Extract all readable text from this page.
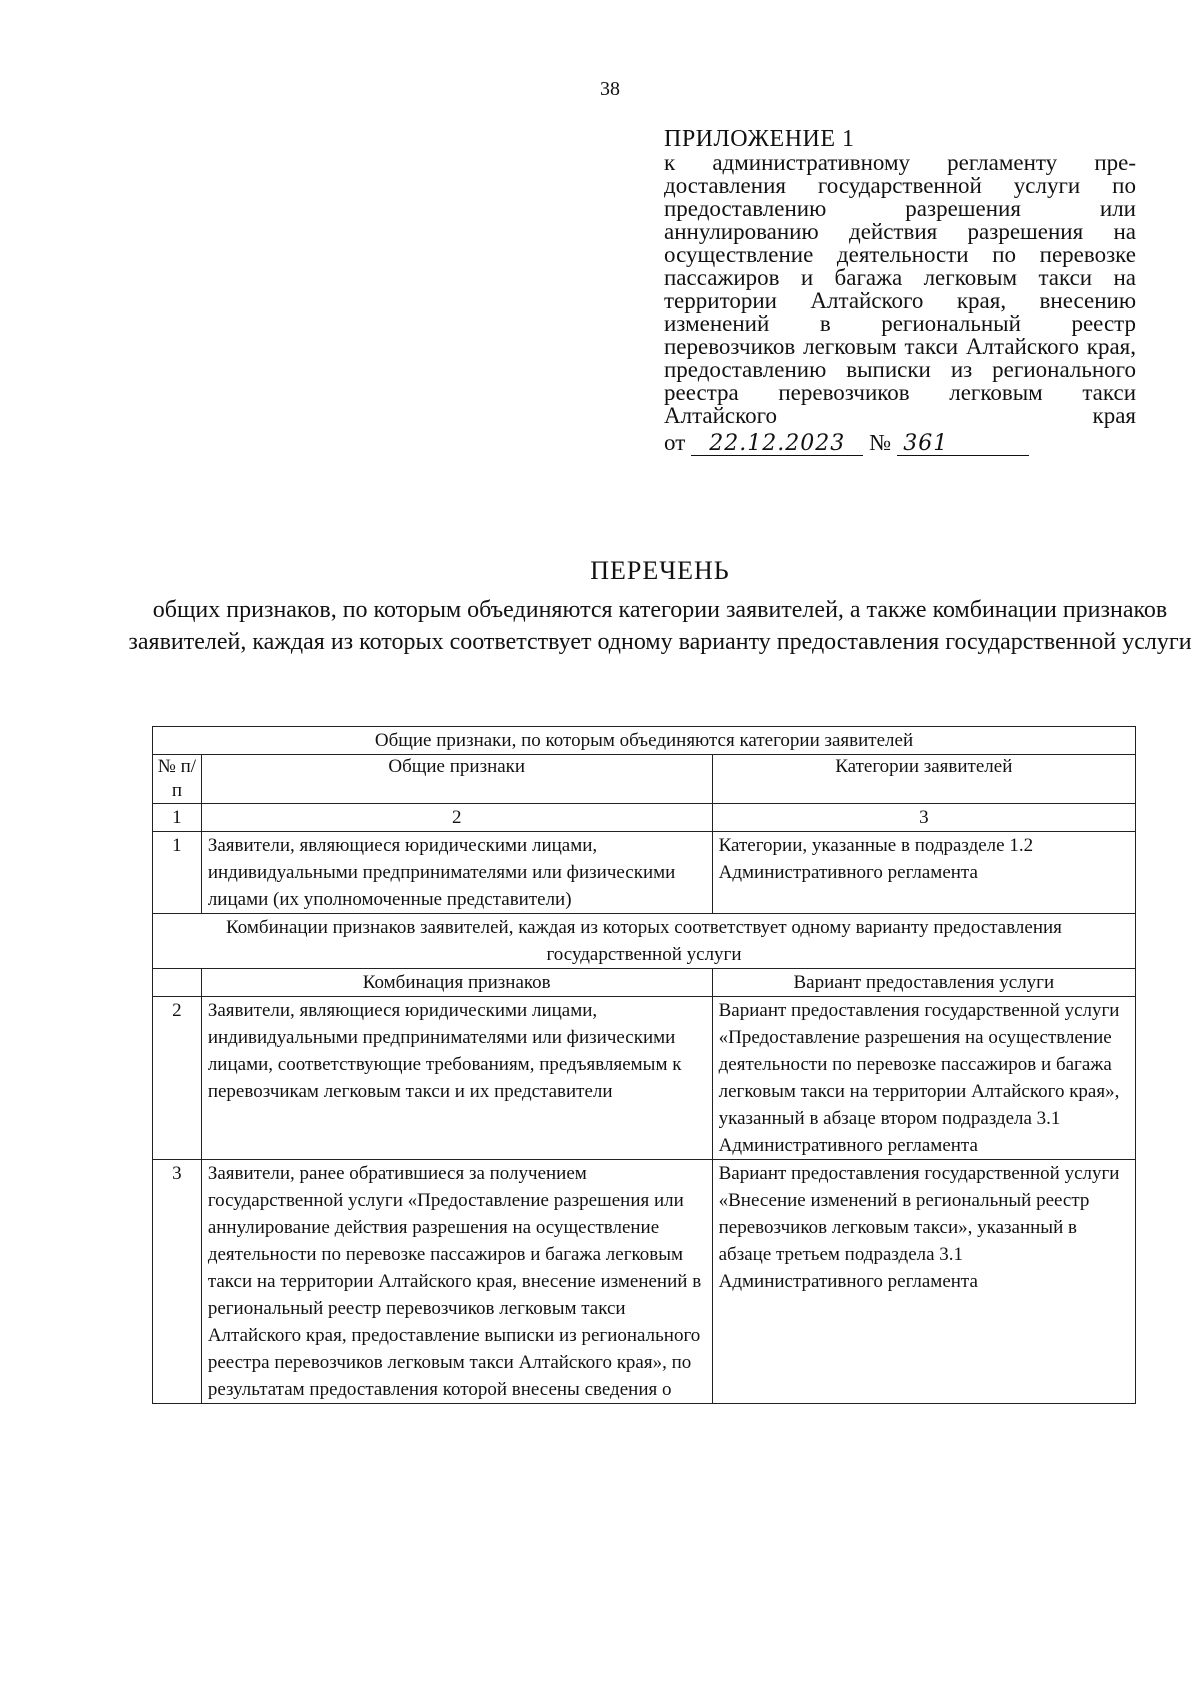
38
ПРИЛОЖЕНИЕ 1
к административному регламенту пре-доставления государственной услуги по предоставлению разрешения или аннулированию действия разрешения на осуществление деятельности по перевозке пассажиров и багажа легковым такси на территории Алтайского края, внесению изменений в региональный реестр перевозчиков легковым такси Алтайского края, предоставлению выписки из регионального реестра перевозчиков легковым такси Алтайского края
от	22.12.2023	№ 361
ПЕРЕЧЕНЬ
общих признаков, по которым объединяются категории заявителей, а также комбинации признаков заявителей, каждая из которых соответствует одному варианту предоставления государственной услуги
Общие признаки, по которым объединяются категории заявителей		
№ п/п	Общие признаки	Категории заявителей
1	2	3
1	Заявители, являющиеся юридическими лицами, индивидуальными предпринимателями или физическими лицами (их уполномоченные представители)	Категории, указанные в подразделе 1.2 Административного регламента
Комбинации признаков заявителей, каждая из которых соответствует одному варианту предоставления государственной услуги		
	Комбинация признаков	Вариант предоставления услуги
2	Заявители, являющиеся юридическими лицами, индивидуальными предпринимателями или физическими лицами, соответствующие требованиям, предъявляемым к перевозчикам легковым такси и их представители	Вариант предоставления государственной услуги «Предоставление разрешения на осуществление деятельности по перевозке пассажиров и багажа легковым такси на территории Алтайского края», указанный в абзаце втором подраздела 3.1 Административного регламента
3	Заявители, ранее обратившиеся за получением государственной услуги «Предоставление разрешения или аннулирование действия разрешения на осуществление деятельности по перевозке пассажиров и багажа легковым такси на территории Алтайского края, внесение изменений в региональный реестр перевозчиков легковым такси Алтайского края, предоставление выписки из регионального реестра перевозчиков легковым такси Алтайского края», по результатам предоставления которой внесены сведения о	Вариант предоставления государственной услуги «Внесение изменений в региональный реестр перевозчиков легковым такси», указанный в абзаце третьем подраздела 3.1 Административного регламента
